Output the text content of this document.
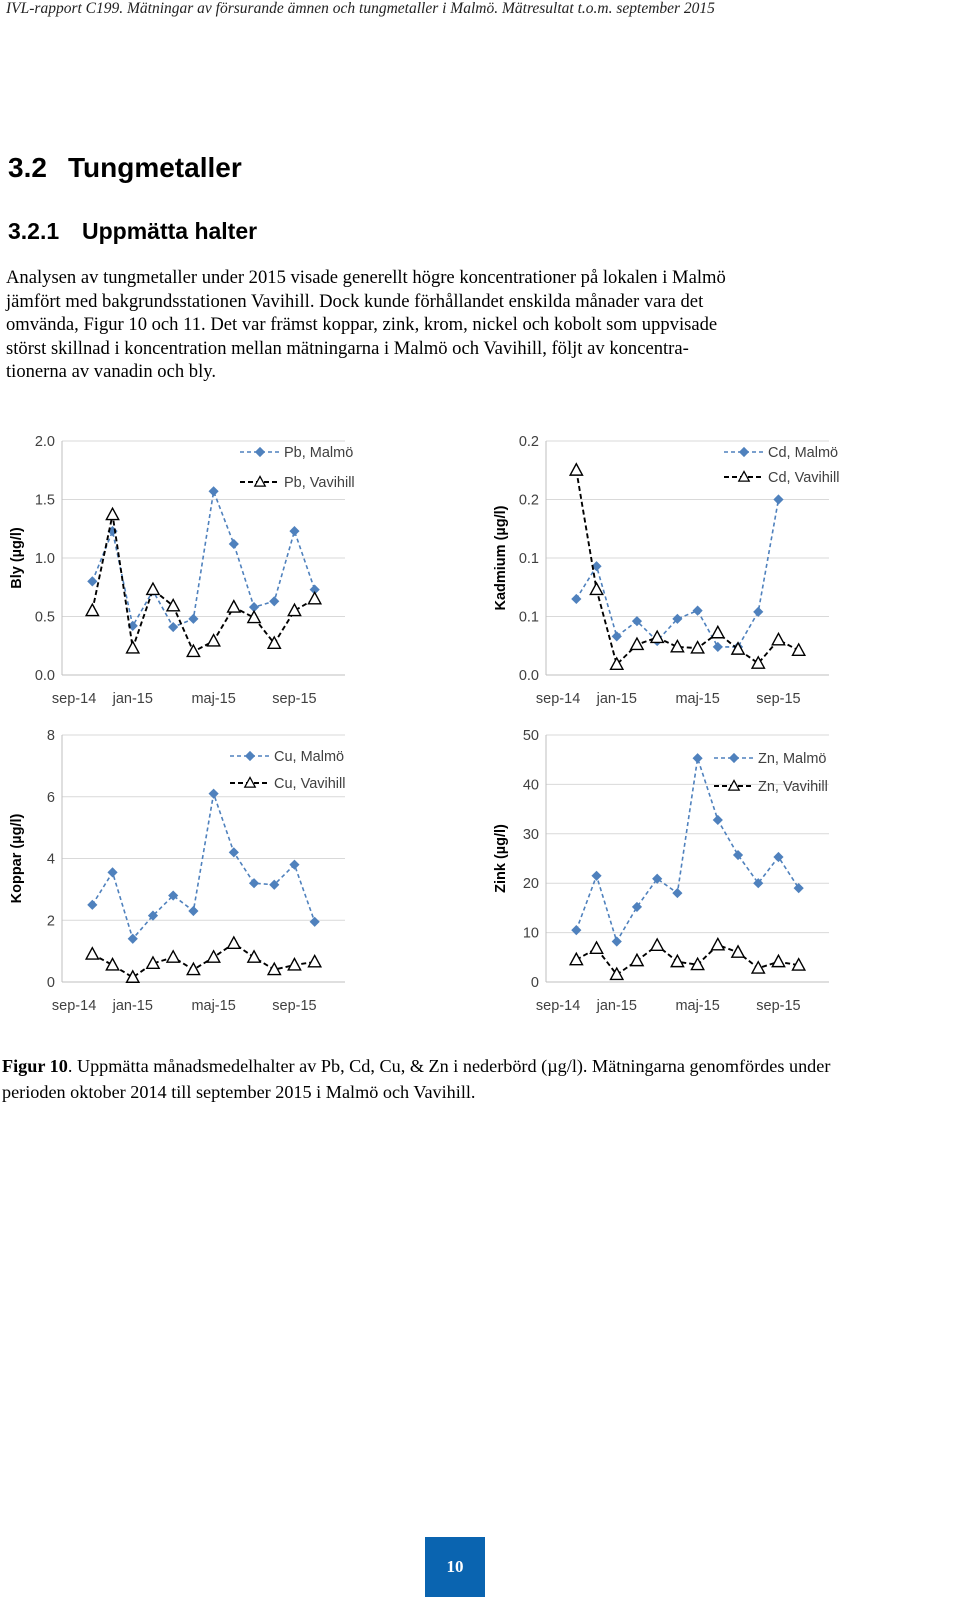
IVL-rapport C199. Mätningar av försurande ämnen och tungmetaller i Malmö. Mätresultat t.o.m. september 2015
3.2 Tungmetaller
3.2.1 Uppmätta halter

Analysen av tungmetaller under 2015 visade generellt högre koncentrationer på lokalen i Malmö

jämfört med bakgrundsstationen Vavihill. Dock kunde förhållandet enskilda månader vara det

omvända, Figur 10 och 11. Det var främst koppar, zink, krom, nickel och kobolt som uppvisade

störst skillnad i koncentration mellan mätningarna i Malmö och Vavihill, följt av koncentra-

tionerna av vanadin och bly.

0.0
0.5
1.0
1.5
2.0
sep-14 jan-15	maj-15	sep-15
Bly (µg/l)
Pb, Malmö
Pb, Vavihill
0.0
0.1
0.1
0.2
0.2
sep-14 jan-15	maj-15	sep-15
Kadmium (µg/l)
Cd, Malmö
Cd, Vavihill
0
2
4
6
8
sep-14 jan-15	maj-15	sep-15
Koppar (µg/l)
Cu, Malmö
Cu, Vavihill
0
10
20
30
40
50
sep-14 jan-15	maj-15	sep-15
Zink (µg/l)
Zn, Malmö
Zn, Vavihill

Figur 10. Uppmätta månadsmedelhalter av Pb, Cd, Cu, & Zn i nederbörd (µg/l). Mätningarna genomfördes under

perioden oktober 2014 till september 2015 i Malmö och Vavihill.

10
